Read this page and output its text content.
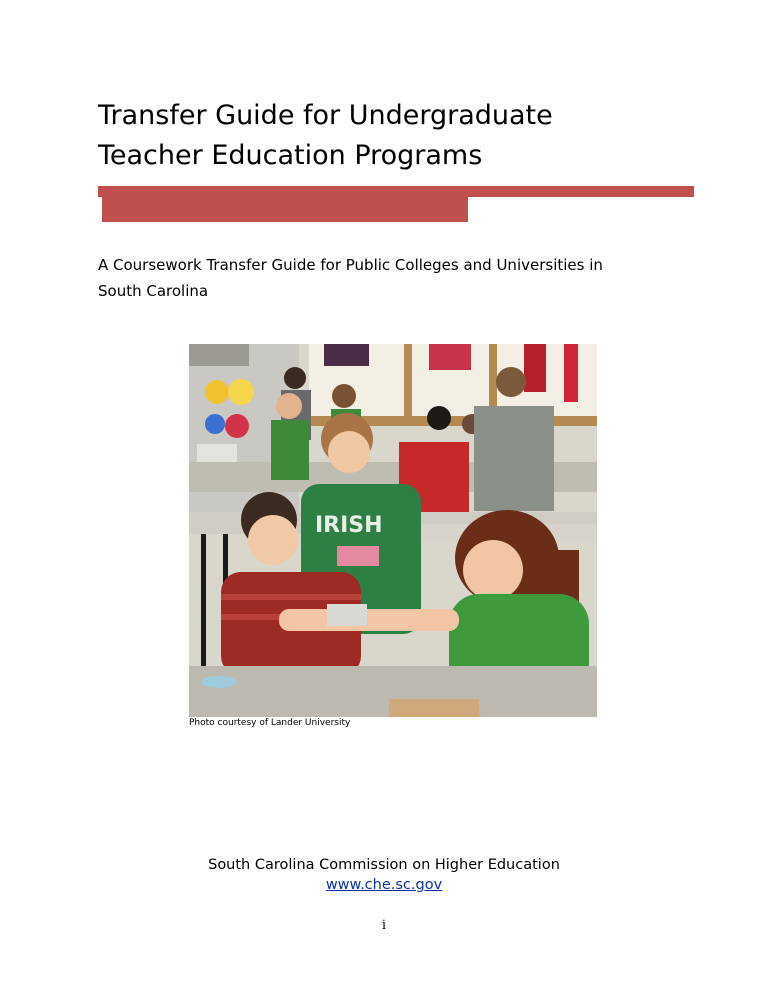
Transfer Guide for Undergraduate
Teacher Education Programs

A Coursework Transfer Guide for Public Colleges and Universities in
South Carolina

IRISH
Photo courtesy of Lander University
South Carolina Commission on Higher Education
www.che.sc.gov
i
